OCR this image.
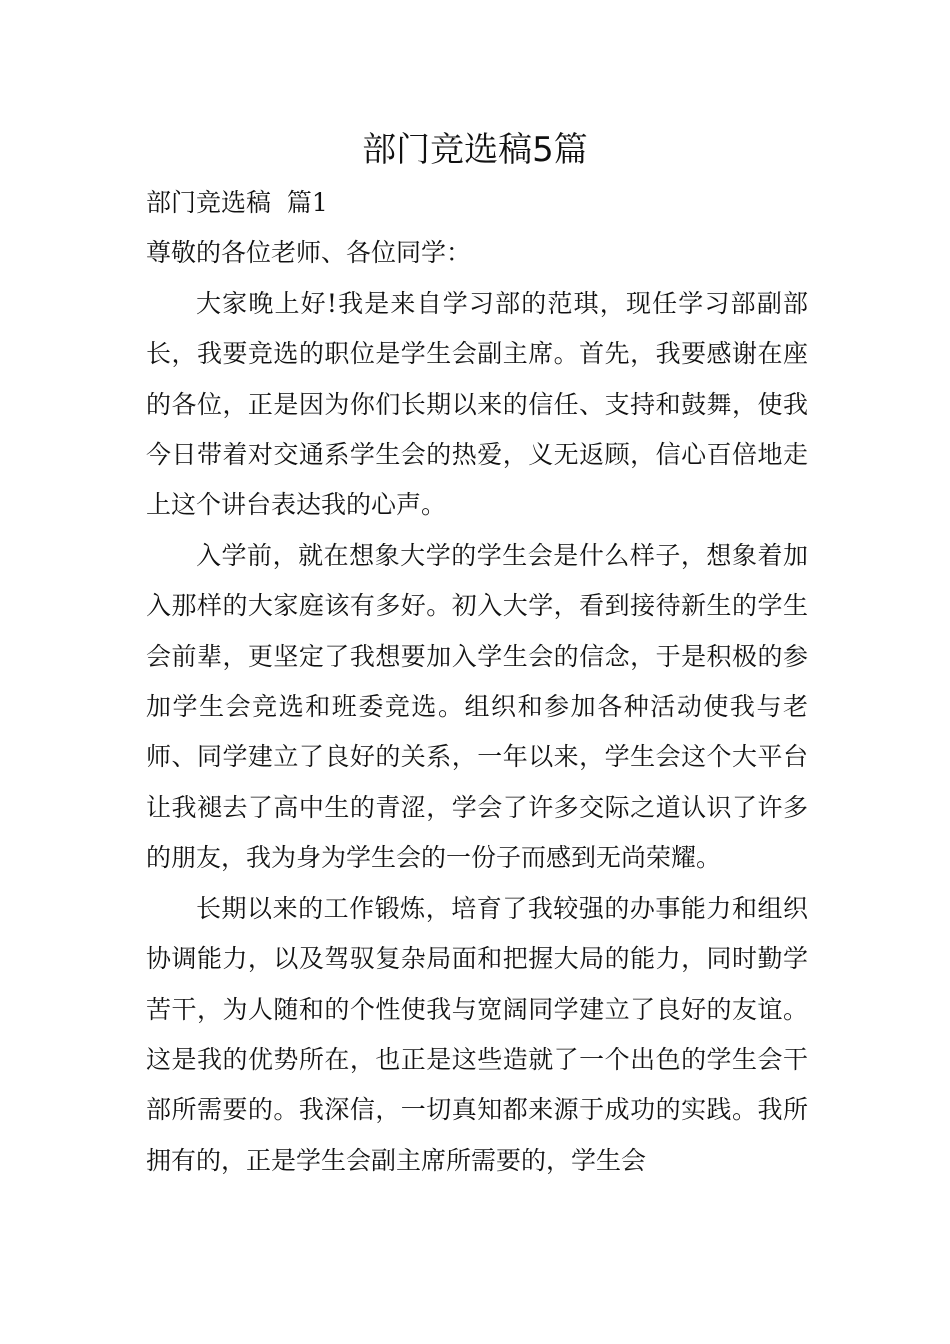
部门竞选稿5篇

部门竞选稿  篇1

尊敬的各位老师、各位同学：

大家晚上好!我是来自学习部的范琪，现任学习部副部长，我要竞选的职位是学生会副主席。首先，我要感谢在座的各位，正是因为你们长期以来的信任、支持和鼓舞，使我今日带着对交通系学生会的热爱，义无返顾，信心百倍地走上这个讲台表达我的心声。

入学前，就在想象大学的学生会是什么样子，想象着加入那样的大家庭该有多好。初入大学，看到接待新生的学生会前辈，更坚定了我想要加入学生会的信念，于是积极的参加学生会竞选和班委竞选。组织和参加各种活动使我与老师、同学建立了良好的关系，一年以来，学生会这个大平台让我褪去了高中生的青涩，学会了许多交际之道认识了许多的朋友，我为身为学生会的一份子而感到无尚荣耀。

长期以来的工作锻炼，培育了我较强的办事能力和组织协调能力，以及驾驭复杂局面和把握大局的能力，同时勤学苦干，为人随和的个性使我与宽阔同学建立了良好的友谊。这是我的优势所在，也正是这些造就了一个出色的学生会干部所需要的。我深信，一切真知都来源于成功的实践。我所拥有的，正是学生会副主席所需要的，学生会
